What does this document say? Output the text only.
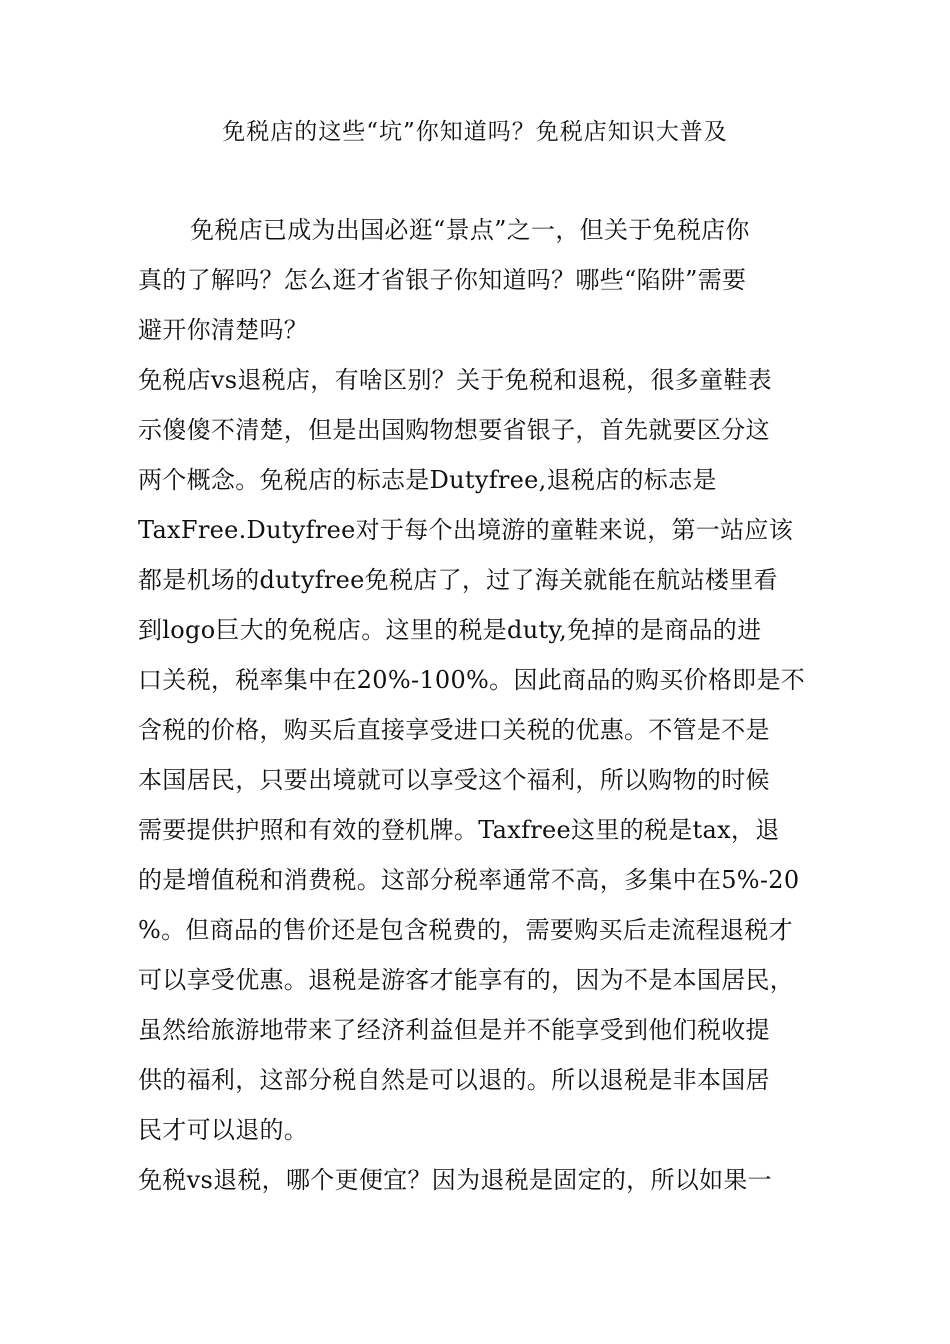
免税店的这些“坑”你知道吗？免税店知识大普及
免税店已成为出国必逛“景点”之一，但关于免税店你
真的了解吗？怎么逛才省银子你知道吗？哪些“陷阱”需要
避开你清楚吗？
免税店vs退税店，有啥区别？关于免税和退税，很多童鞋表
示傻傻不清楚，但是出国购物想要省银子，首先就要区分这
两个概念。免税店的标志是Dutyfree,退税店的标志是
TaxFree.Dutyfree对于每个出境游的童鞋来说，第一站应该
都是机场的dutyfree免税店了，过了海关就能在航站楼里看
到logo巨大的免税店。这里的税是duty,免掉的是商品的进
口关税，税率集中在20%-100%。因此商品的购买价格即是不
含税的价格，购买后直接享受进口关税的优惠。不管是不是
本国居民，只要出境就可以享受这个福利，所以购物的时候
需要提供护照和有效的登机牌。Taxfree这里的税是tax，退
的是增值税和消费税。这部分税率通常不高，多集中在5%-20
%。但商品的售价还是包含税费的，需要购买后走流程退税才
可以享受优惠。退税是游客才能享有的，因为不是本国居民，
虽然给旅游地带来了经济利益但是并不能享受到他们税收提
供的福利，这部分税自然是可以退的。所以退税是非本国居
民才可以退的。
免税vs退税，哪个更便宜？因为退税是固定的，所以如果一
